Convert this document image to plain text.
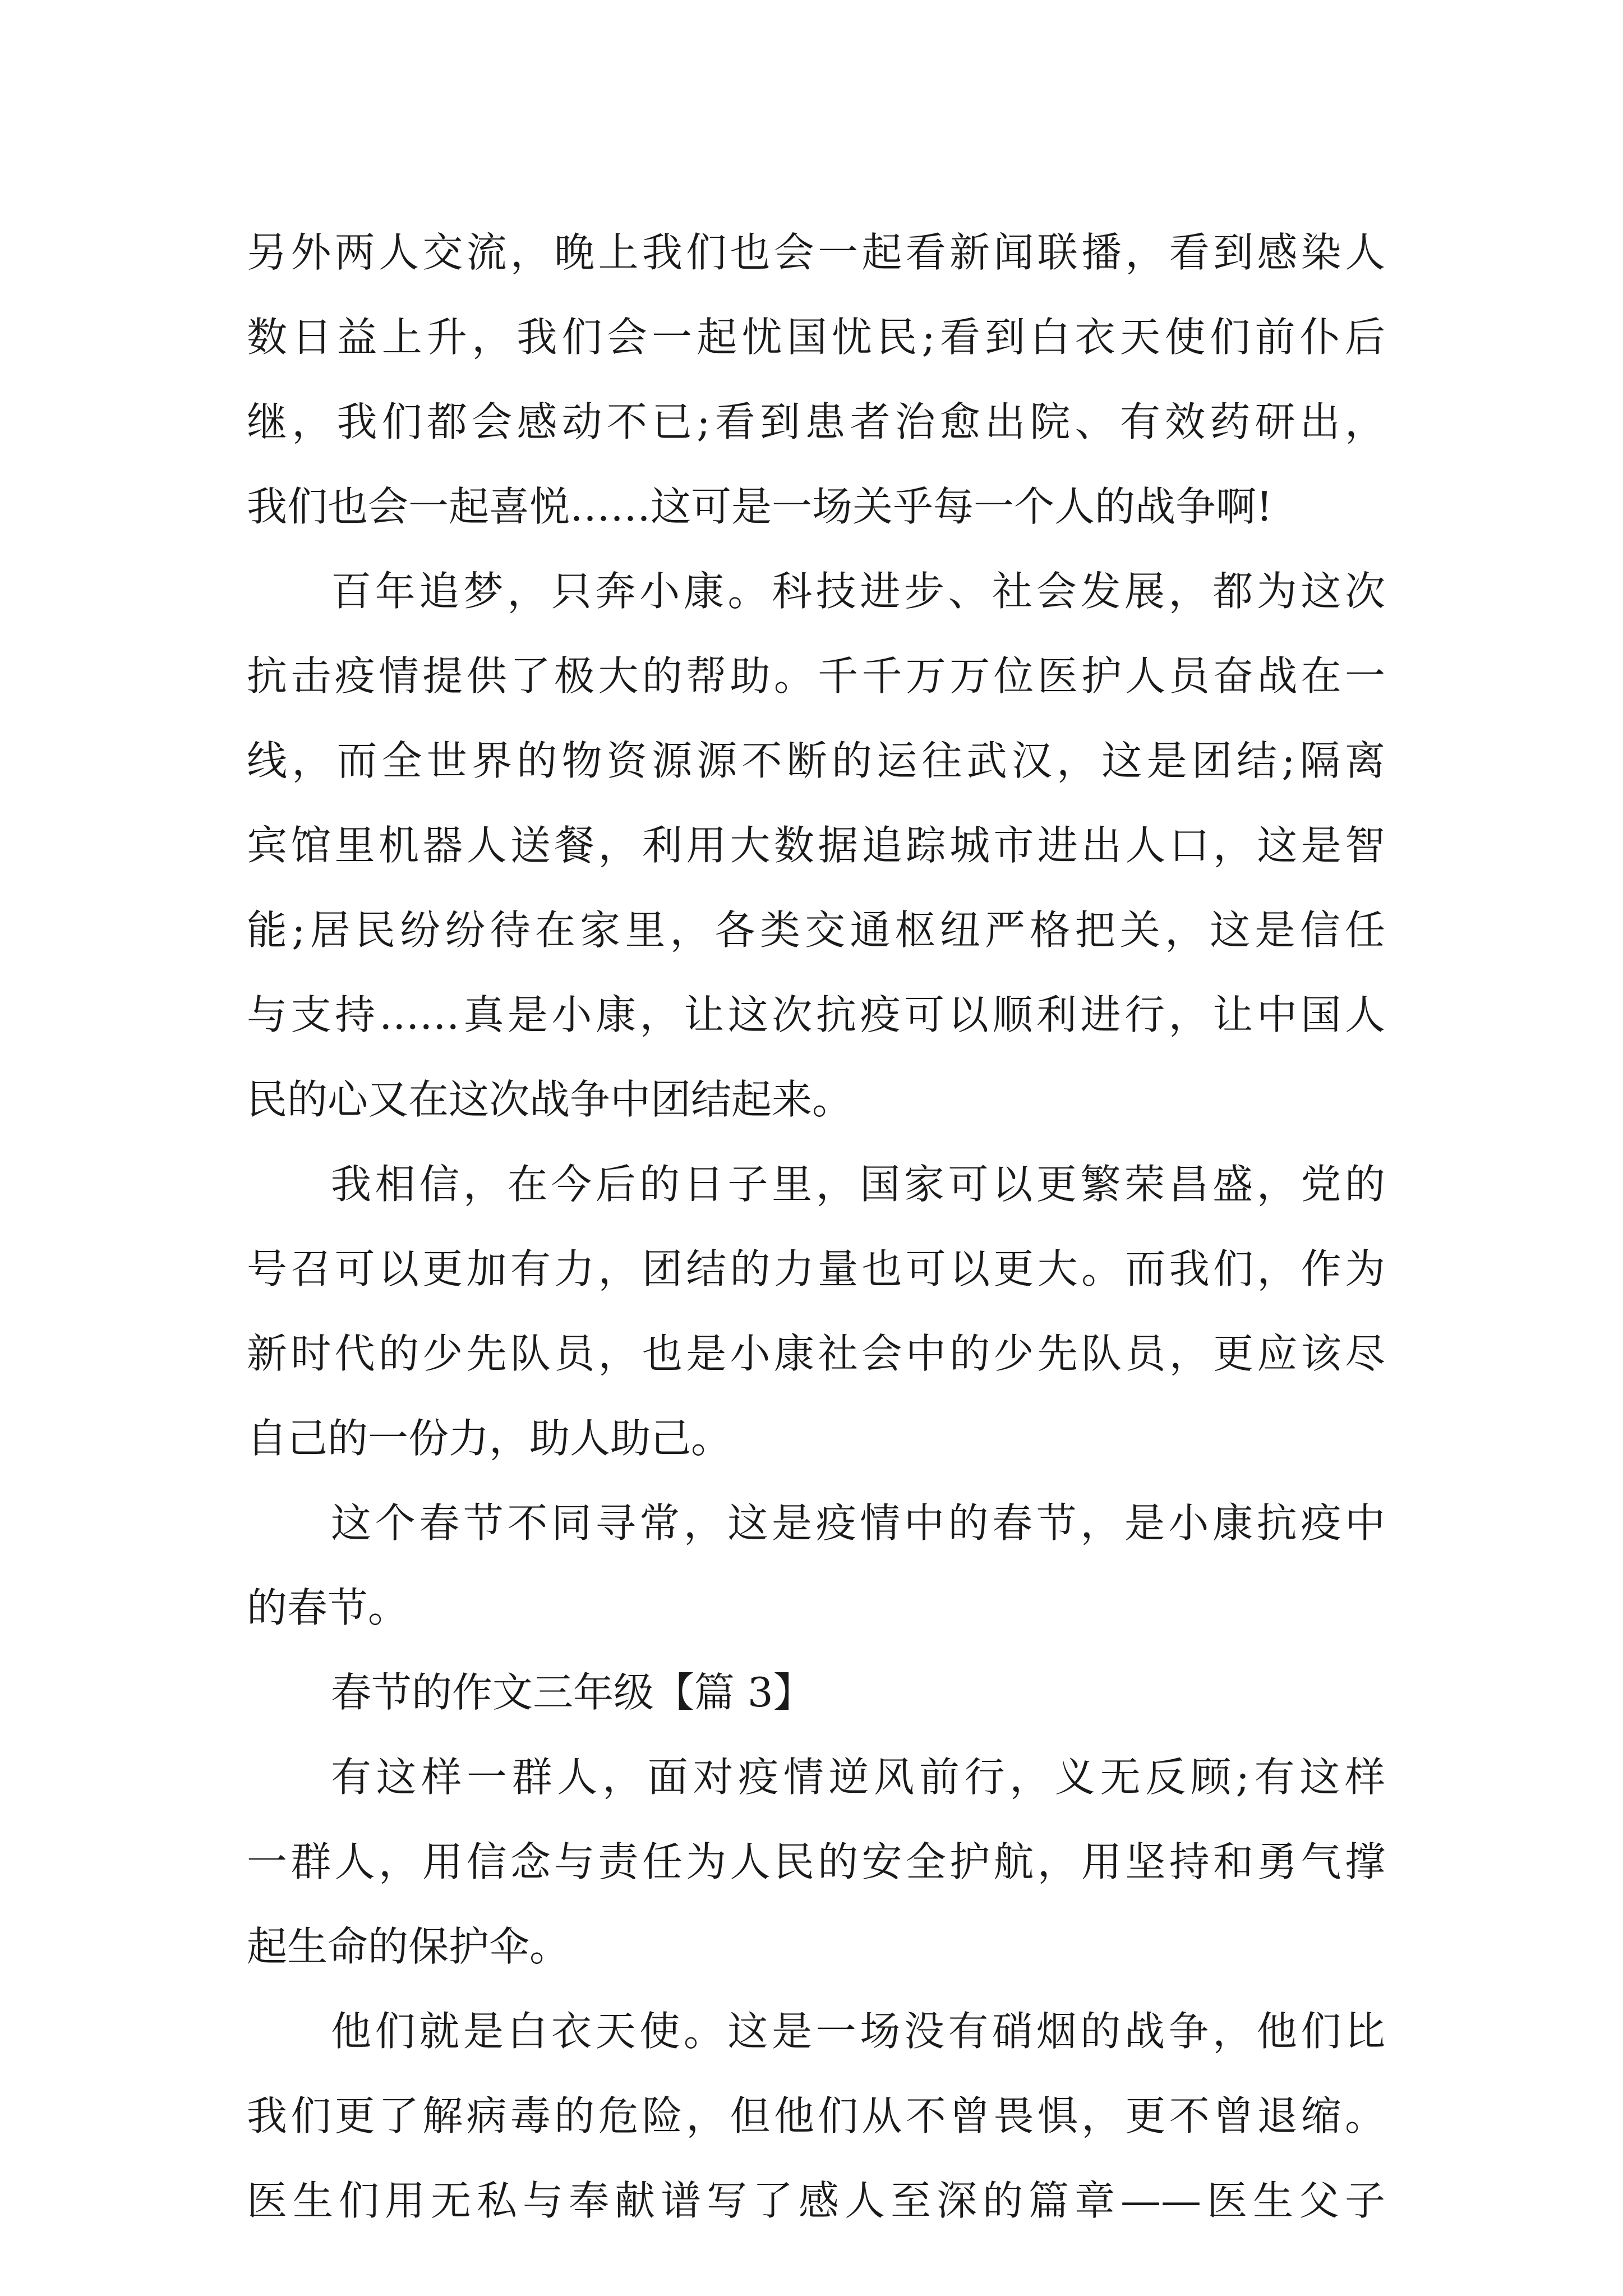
另外两人交流，晚上我们也会一起看新闻联播，看到感染人
数日益上升，我们会一起忧国忧民;看到白衣天使们前仆后
继，我们都会感动不已;看到患者治愈出院、有效药研出，
我们也会一起喜悦……这可是一场关乎每一个人的战争啊!
百年追梦，只奔小康。科技进步、社会发展，都为这次
抗击疫情提供了极大的帮助。千千万万位医护人员奋战在一
线，而全世界的物资源源不断的运往武汉，这是团结;隔离
宾馆里机器人送餐，利用大数据追踪城市进出人口，这是智
能;居民纷纷待在家里，各类交通枢纽严格把关，这是信任
与支持……真是小康，让这次抗疫可以顺利进行，让中国人
民的心又在这次战争中团结起来。
我相信，在今后的日子里，国家可以更繁荣昌盛，党的
号召可以更加有力，团结的力量也可以更大。而我们，作为
新时代的少先队员，也是小康社会中的少先队员，更应该尽
自己的一份力，助人助己。
这个春节不同寻常，这是疫情中的春节，是小康抗疫中
的春节。
春节的作文三年级【篇 3】
有这样一群人，面对疫情逆风前行，义无反顾;有这样
一群人，用信念与责任为人民的安全护航，用坚持和勇气撑
起生命的保护伞。
他们就是白衣天使。这是一场没有硝烟的战争，他们比
我们更了解病毒的危险，但他们从不曾畏惧，更不曾退缩。
医生们用无私与奉献谱写了感人至深的篇章——医生父子
